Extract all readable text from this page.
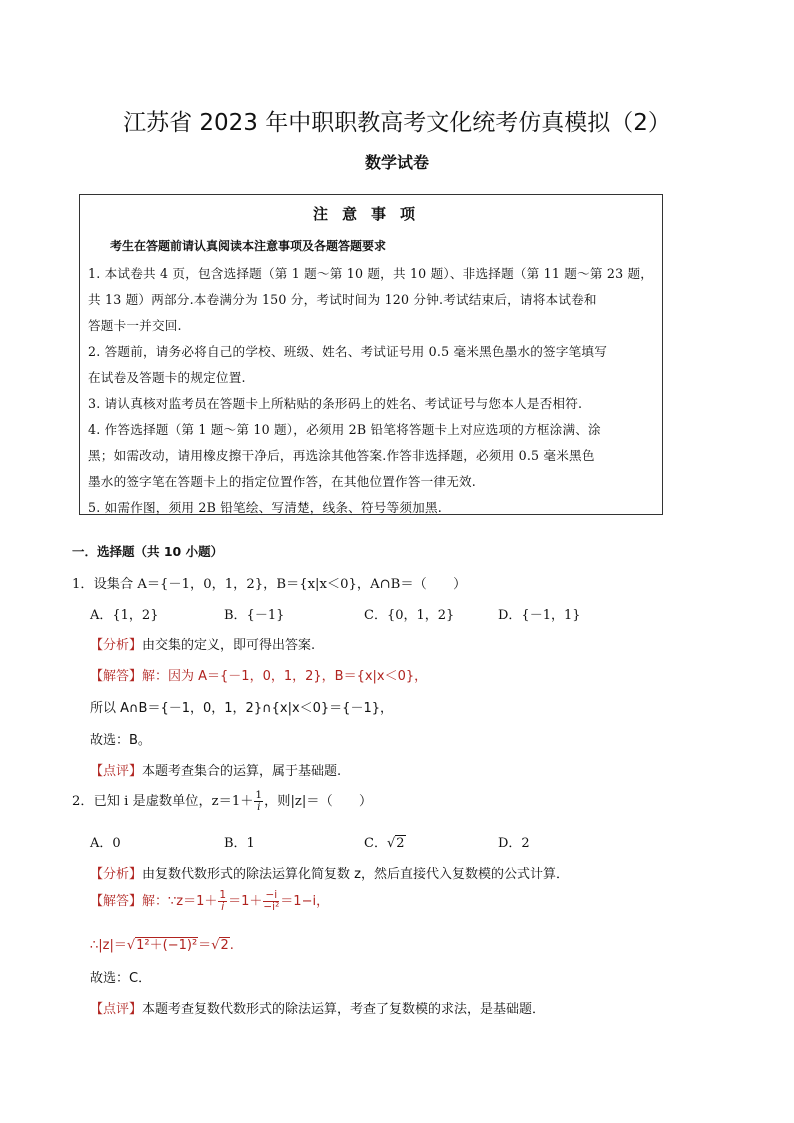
江苏省 2023 年中职职教高考文化统考仿真模拟（2）
数学试卷
注意事项
考生在答题前请认真阅读本注意事项及各题答题要求
1. 本试卷共 4 页，包含选择题（第 1 题～第 10 题，共 10 题）、非选择题（第 11 题～第 23 题，
共 13 题）两部分.本卷满分为 150 分，考试时间为 120 分钟.考试结束后，请将本试卷和
答题卡一并交回.
2. 答题前，请务必将自己的学校、班级、姓名、考试证号用 0.5 毫米黑色墨水的签字笔填写
在试卷及答题卡的规定位置.
3. 请认真核对监考员在答题卡上所粘贴的条形码上的姓名、考试证号与您本人是否相符.
4. 作答选择题（第 1 题～第 10 题），必须用 2B 铅笔将答题卡上对应选项的方框涂满、涂
黑；如需改动，请用橡皮擦干净后，再选涂其他答案.作答非选择题，必须用 0.5 毫米黑色
墨水的签字笔在答题卡上的指定位置作答，在其他位置作答一律无效.
5. 如需作图，须用 2B 铅笔绘、写清楚，线条、符号等须加黑.
一．选择题（共 10 小题）
1．设集合 A＝{－1，0，1，2}，B＝{x|x＜0}，A∩B＝（　　）
A．{1，2}	B．{－1}	C．{0，1，2}	D．{－1，1}
【分析】由交集的定义，即可得出答案.
【解答】解：因为 A＝{－1，0，1，2}，B＝{x|x＜0}，
所以 A∩B＝{－1，0，1，2}∩{x|x＜0}＝{－1}，
故选：B。
【点评】本题考查集合的运算，属于基础题.
2．已知 i 是虚数单位，$z=1+ \frac{1}{i}$ ，则|z|＝（　　）
A．0	B．1	C．√2	D．2
【分析】由复数代数形式的除法运算化简复数 z，然后直接代入复数模的公式计算．
【解答】解：∵z＝1＋ $\frac{1}{i} =1+ \frac{-i}{\text{−i²}} =1-i$，
∴|z|＝√1²＋(−1)²＝√2.
故选：C．
【点评】本题考查复数代数形式的除法运算，考查了复数模的求法，是基础题．
